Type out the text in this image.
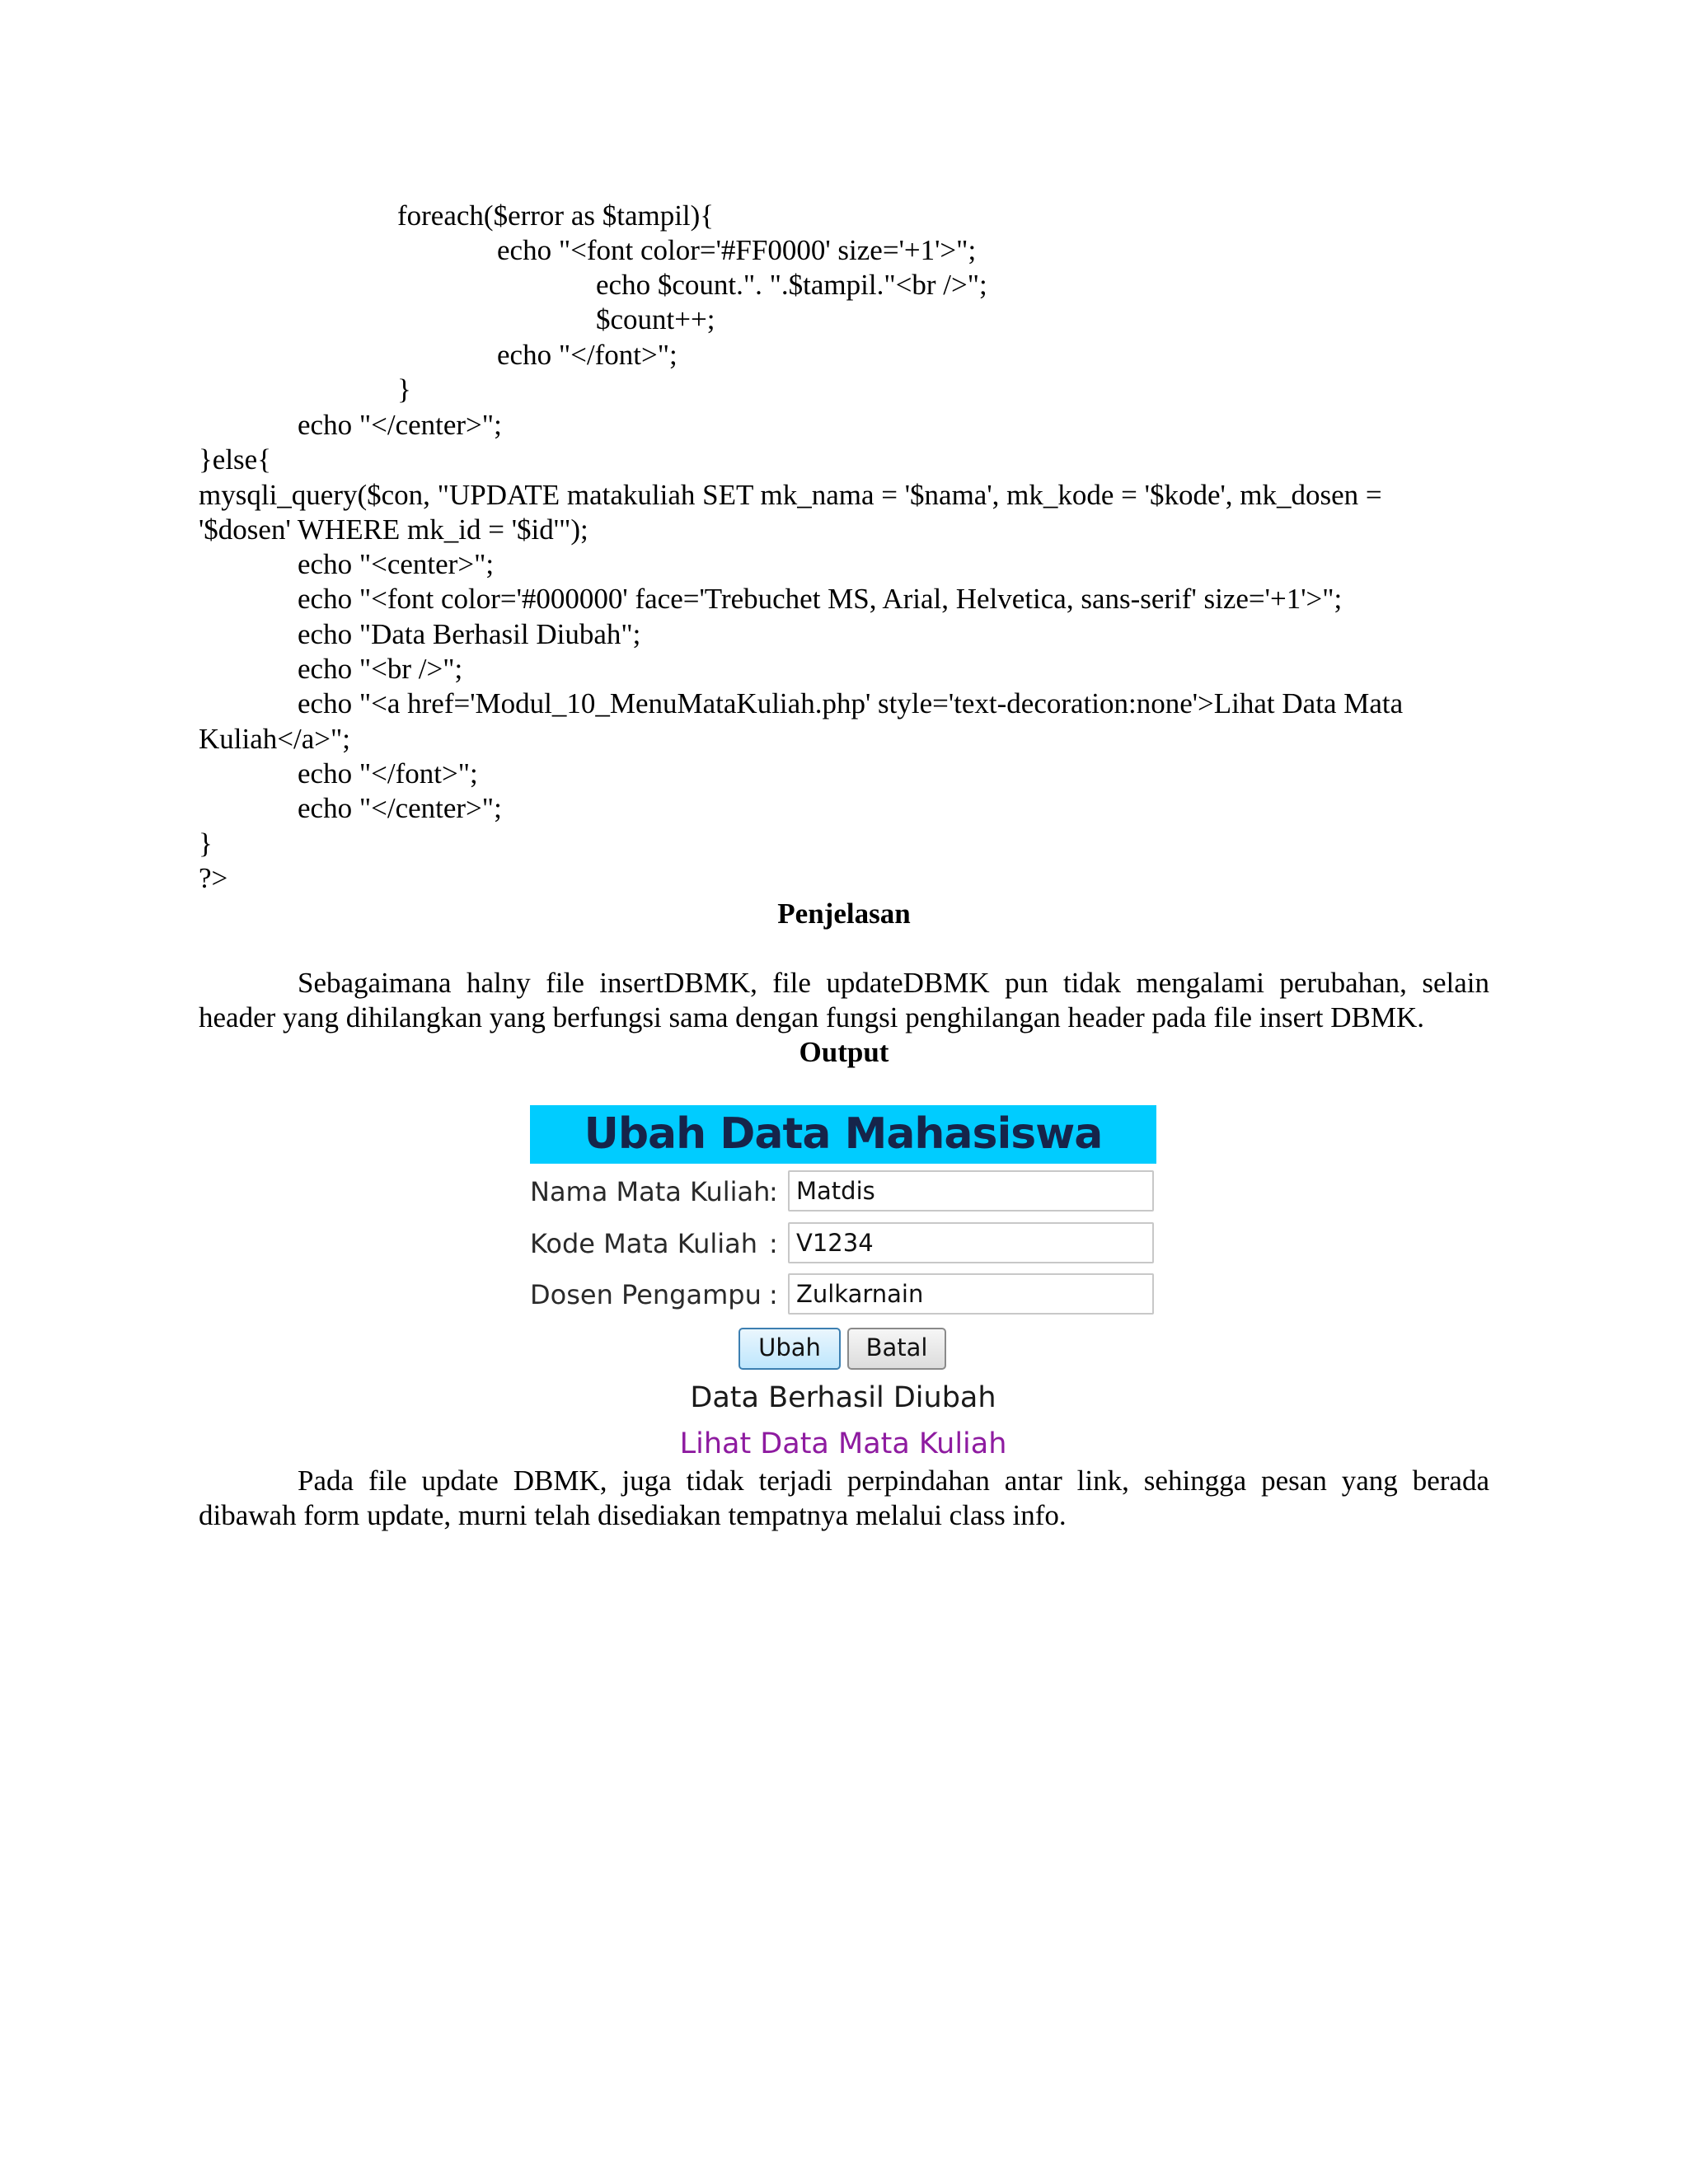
foreach($error as $tampil){
echo "<font color='#FF0000' size='+1'>";
echo $count.". ".$tampil."<br />";
$count++;
echo "</font>";
}
echo "</center>";
}else{
mysqli_query($con, "UPDATE matakuliah SET mk_nama = '$nama', mk_kode = '$kode', mk_dosen =
'$dosen' WHERE mk_id = '$id'");
echo "<center>";
echo "<font color='#000000' face='Trebuchet MS, Arial, Helvetica, sans-serif' size='+1'>";
echo "Data Berhasil Diubah";
echo "<br />";
echo "<a href='Modul_10_MenuMataKuliah.php' style='text-decoration:none'>Lihat Data Mata
Kuliah</a>";
echo "</font>";
echo "</center>";
}
?>
Penjelasan
Sebagaimana halny file insertDBMK, file updateDBMK pun tidak mengalami perubahan, selain header yang dihilangkan yang berfungsi sama dengan fungsi penghilangan header pada file insert DBMK.
Output
Ubah Data Mahasiswa
Nama Mata Kuliah
: Matdis
Kode Mata Kuliah : V1234
Dosen Pengampu : Zulkarnain
Ubah	Batal
Data Berhasil Diubah
Lihat Data Mata Kuliah
Pada file update DBMK, juga tidak terjadi perpindahan antar link, sehingga pesan yang berada dibawah form update, murni telah disediakan tempatnya melalui class info.
